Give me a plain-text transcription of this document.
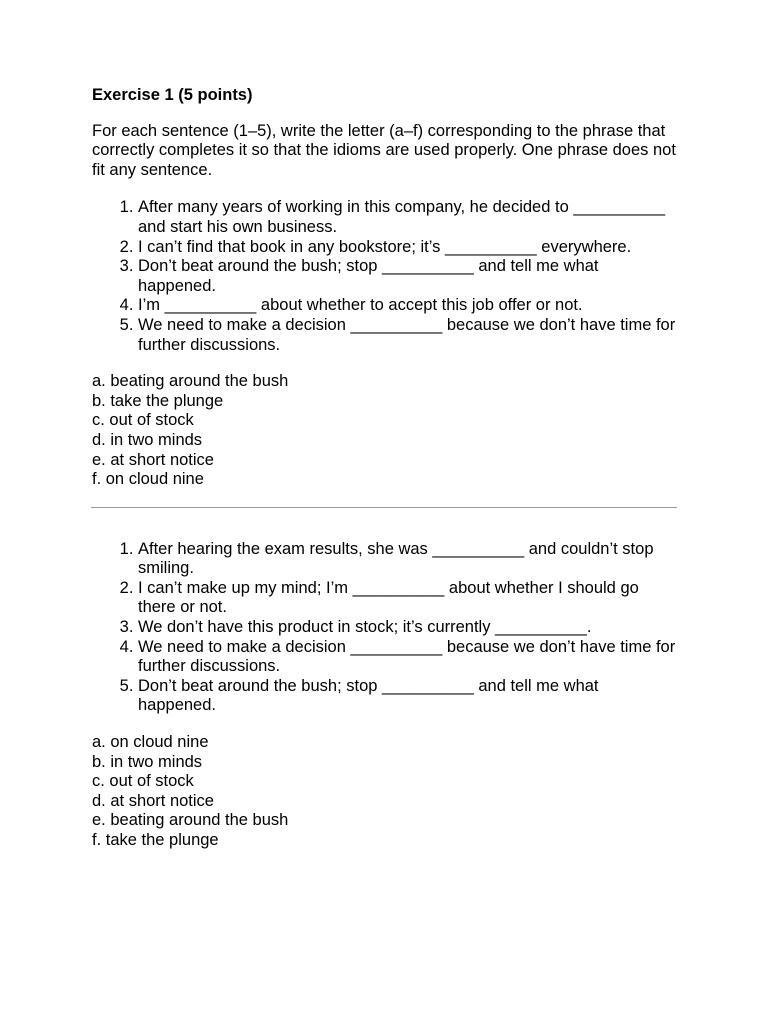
Exercise 1 (5 points)
For each sentence (1–5), write the letter (a–f) corresponding to the phrase that correctly completes it so that the idioms are used properly. One phrase does not fit any sentence.
1. After many years of working in this company, he decided to __________ and start his own business.
2. I can’t find that book in any bookstore; it’s __________ everywhere.
3. Don’t beat around the bush; stop __________ and tell me what happened.
4. I’m __________ about whether to accept this job offer or not.
5. We need to make a decision __________ because we don’t have time for further discussions.
a. beating around the bush
b. take the plunge
c. out of stock
d. in two minds
e. at short notice
f. on cloud nine
1. After hearing the exam results, she was __________ and couldn’t stop smiling.
2. I can’t make up my mind; I’m __________ about whether I should go there or not.
3. We don’t have this product in stock; it’s currently __________.
4. We need to make a decision __________ because we don’t have time for further discussions.
5. Don’t beat around the bush; stop __________ and tell me what happened.
a. on cloud nine
b. in two minds
c. out of stock
d. at short notice
e. beating around the bush
f. take the plunge
